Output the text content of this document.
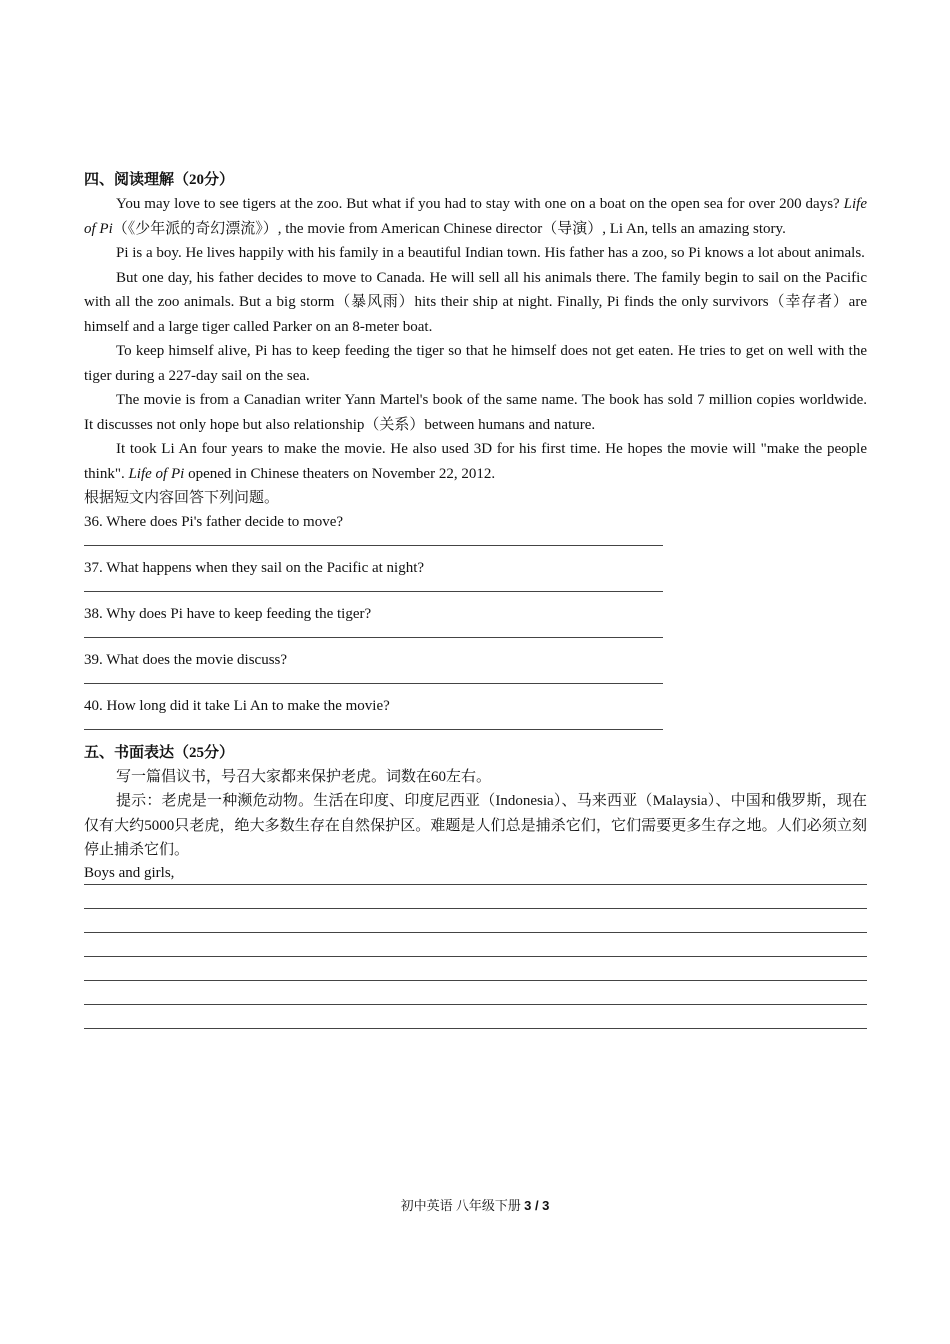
四、阅读理解（20分）

You may love to see tigers at the zoo. But what if you had to stay with one on a boat on the open sea for over 200 days? Life of Pi（《少年派的奇幻漂流》）, the movie from American Chinese director（导演）, Li An, tells an amazing story.

Pi is a boy. He lives happily with his family in a beautiful Indian town. His father has a zoo, so Pi knows a lot about animals.

But one day, his father decides to move to Canada. He will sell all his animals there. The family begin to sail on the Pacific with all the zoo animals. But a big storm（暴风雨）hits their ship at night. Finally, Pi finds the only survivors（幸存者）are himself and a large tiger called Parker on an 8-meter boat.

To keep himself alive, Pi has to keep feeding the tiger so that he himself does not get eaten. He tries to get on well with the tiger during a 227-day sail on the sea.

The movie is from a Canadian writer Yann Martel's book of the same name. The book has sold 7 million copies worldwide. It discusses not only hope but also relationship（关系）between humans and nature.

It took Li An four years to make the movie. He also used 3D for his first time. He hopes the movie will "make the people think". Life of Pi opened in Chinese theaters on November 22, 2012.

根据短文内容回答下列问题。

36. Where does Pi's father decide to move?

37. What happens when they sail on the Pacific at night?

38. Why does Pi have to keep feeding the tiger?

39. What does the movie discuss?

40. How long did it take Li An to make the movie?

五、书面表达（25分）

写一篇倡议书，号召大家都来保护老虎。词数在60左右。

提示：老虎是一种濒危动物。生活在印度、印度尼西亚（Indonesia）、马来西亚（Malaysia）、中国和俄罗斯，现在仅有大约5000只老虎，绝大多数生存在自然保护区。难题是人们总是捕杀它们，它们需要更多生存之地。人们必须立刻停止捕杀它们。

Boys and girls,

初中英语 八年级下册 3 / 3
